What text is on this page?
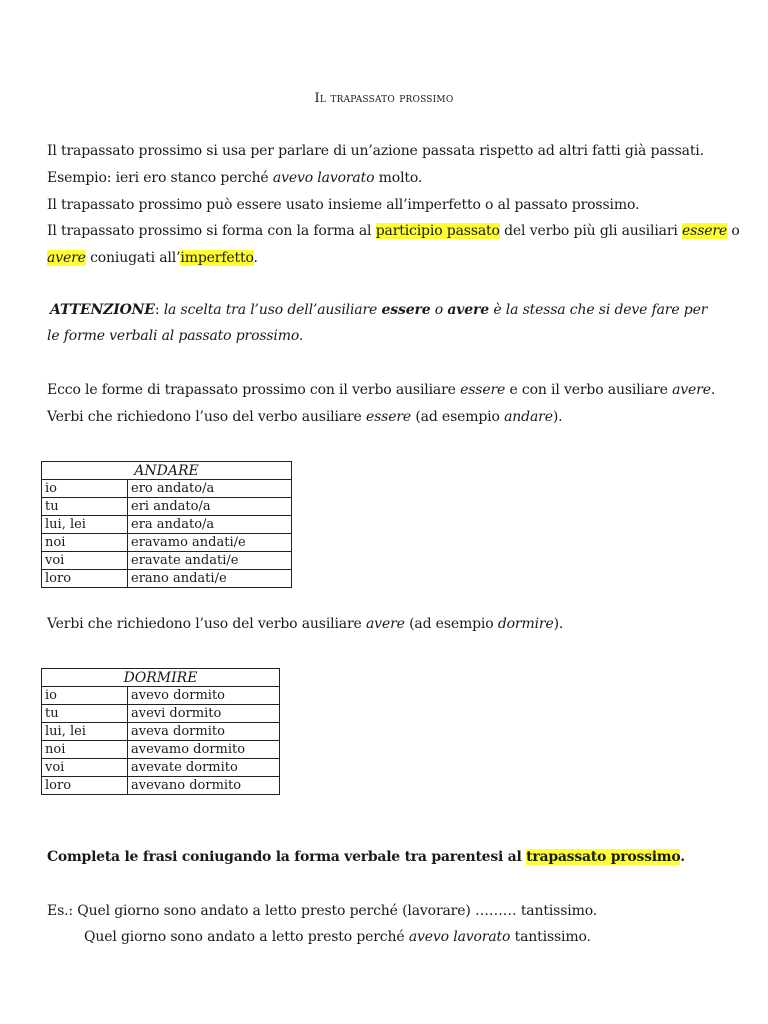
Il trapassato prossimo
Il trapassato prossimo si usa per parlare di un’azione passata rispetto ad altri fatti già passati.
Esempio: ieri ero stanco perché avevo lavorato molto.
Il trapassato prossimo può essere usato insieme all’imperfetto o al passato prossimo.
Il trapassato prossimo si forma con la forma al participio passato del verbo più gli ausiliari essere o
avere coniugati all’imperfetto.
ATTENZIONE: la scelta tra l’uso dell’ausiliare essere o avere è la stessa che si deve fare per
le forme verbali al passato prossimo.
Ecco le forme di trapassato prossimo con il verbo ausiliare essere e con il verbo ausiliare avere.
Verbi che richiedono l’uso del verbo ausiliare essere (ad esempio andare).
ANDARE	
io	ero andato/a
tu	eri andato/a
lui, lei	era andato/a
noi	eravamo andati/e
voi	eravate andati/e
loro	erano andati/e
Verbi che richiedono l’uso del verbo ausiliare avere (ad esempio dormire).
DORMIRE	
io	avevo dormito
tu	avevi dormito
lui, lei	aveva dormito
noi	avevamo dormito
voi	avevate dormito
loro	avevano dormito
Completa le frasi coniugando la forma verbale tra parentesi al trapassato prossimo.
Es.: Quel giorno sono andato a letto presto perché (lavorare) ……… tantissimo.
Quel giorno sono andato a letto presto perché avevo lavorato tantissimo.
